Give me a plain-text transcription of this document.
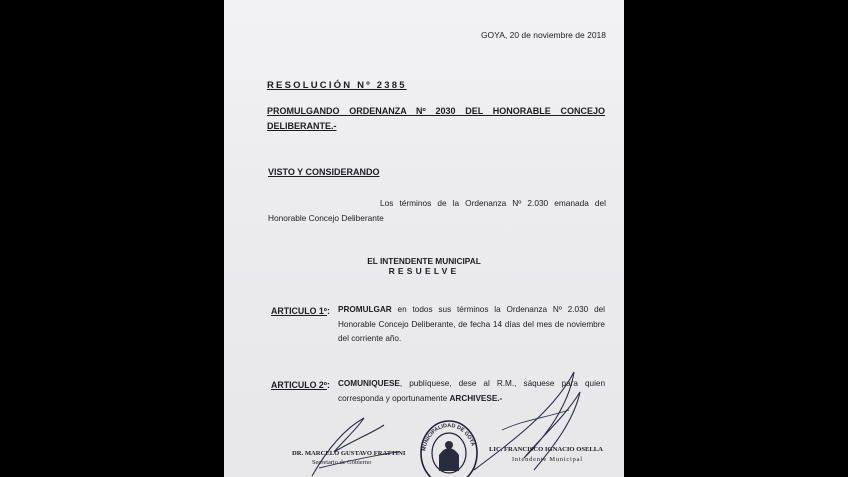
GOYA, 20 de noviembre de 2018
RESOLUCIÓN Nº 2385
PROMULGANDO ORDENANZA Nº 2030 DEL HONORABLE CONCEJO DELIBERANTE.-
VISTO Y CONSIDERANDO
Los términos de la Ordenanza Nº 2.030 emanada del Honorable Concejo Deliberante
EL INTENDENTE MUNICIPAL
RESUELVE
ARTICULO 1º: PROMULGAR en todos sus términos la Ordenanza Nº 2.030 del Honorable Concejo Deliberante, de fecha 14 días del mes de noviembre del corriente año.
ARTICULO 2º: COMUNIQUESE, publíquese, dese al R.M., sáquese para quien corresponda y oportunamente ARCHIVESE.-
MUNICIPALIDAD DE GOYA
DR. MARCELO GUSTAVO FRATTINI
Secretario de Gobierno
LIC. FRANCISCO IGNACIO OSELLA
Intendente Municipal
